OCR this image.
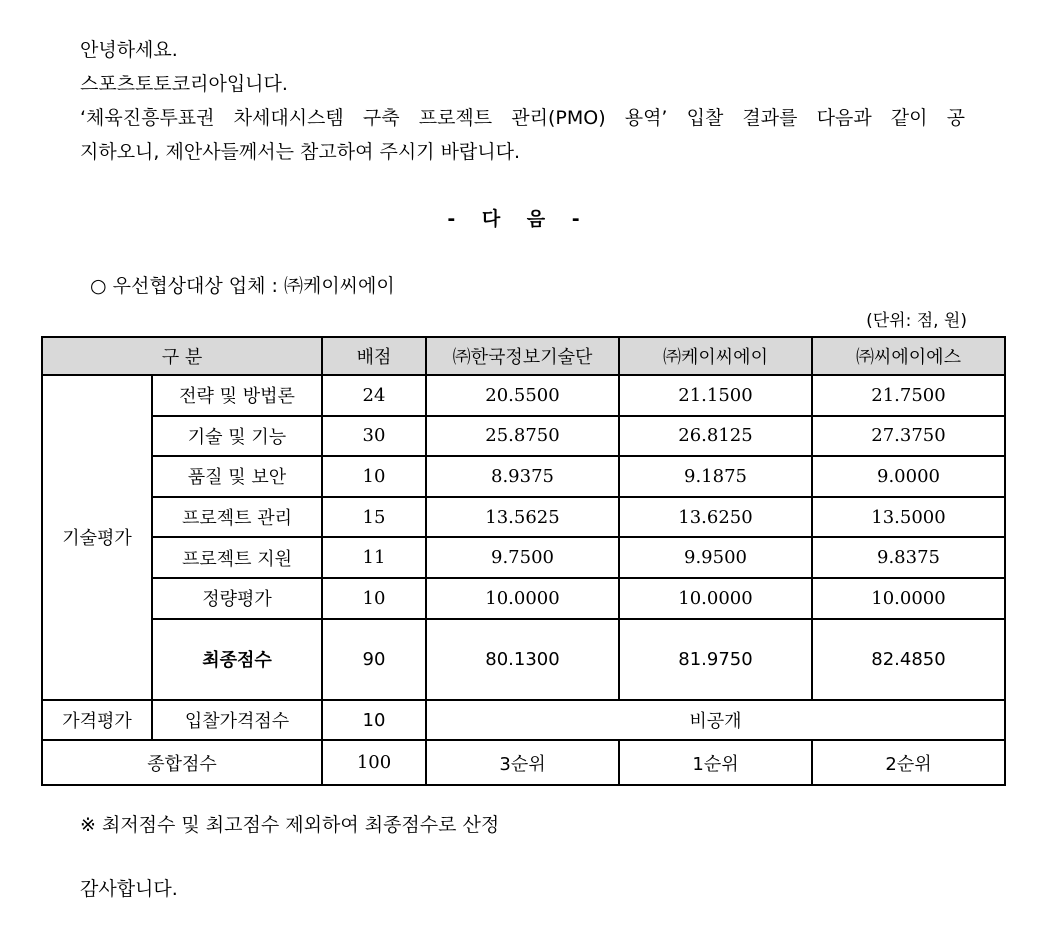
안녕하세요.
스포츠토토코리아입니다.
‘체육진흥투표권 차세대시스템 구축 프로젝트 관리(PMO) 용역’ 입찰 결과를 다음과 같이 공
지하오니, 제안사들께서는 참고하여 주시기 바랍니다.
- 다 음 -
○ 우선협상대상 업체 : ㈜케이씨에이
(단위: 점, 원)
구 분		배점	㈜한국정보기술단	㈜케이씨에이	㈜씨에이에스
기술평가	전략 및 방법론	24	20.5500	21.1500	21.7500
	기술 및 기능	30	25.8750	26.8125	27.3750
	품질 및 보안	10	8.9375	9.1875	9.0000
	프로젝트 관리	15	13.5625	13.6250	13.5000
	프로젝트 지원	11	9.7500	9.9500	9.8375
	정량평가	10	10.0000	10.0000	10.0000
	최종점수	90	80.1300	81.9750	82.4850
가격평가	입찰가격점수	10	비공개		
종합점수		100	3순위	1순위	2순위
※ 최저점수 및 최고점수 제외하여 최종점수로 산정
감사합니다.
